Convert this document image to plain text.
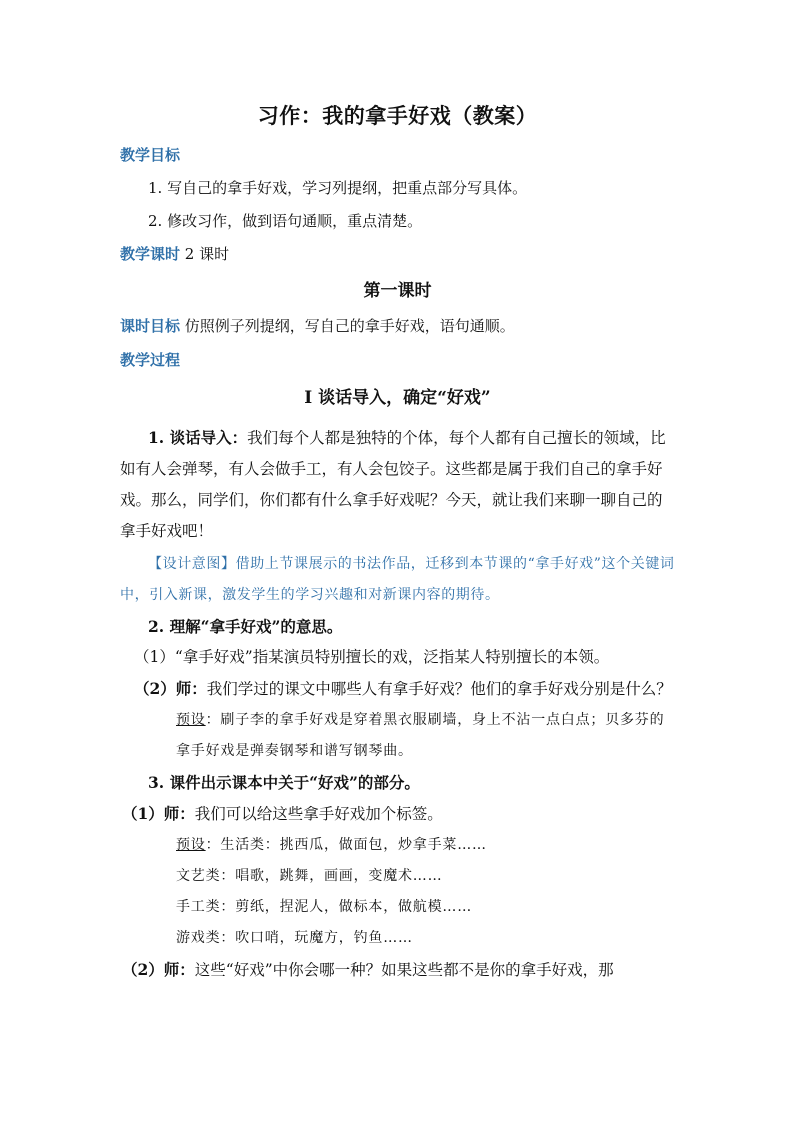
习作：我的拿手好戏（教案）
教学目标
1. 写自己的拿手好戏，学习列提纲，把重点部分写具体。
2. 修改习作，做到语句通顺，重点清楚。
教学课时 2 课时
第一课时
课时目标 仿照例子列提纲，写自己的拿手好戏，语句通顺。
教学过程
Ⅰ 谈话导入，确定“好戏”

1. 谈话导入：我们每个人都是独特的个体，每个人都有自己擅长的领域，比如有人会弹琴，有人会做手工，有人会包饺子。这些都是属于我们自己的拿手好戏。那么，同学们，你们都有什么拿手好戏呢？今天，就让我们来聊一聊自己的拿手好戏吧！

【设计意图】借助上节课展示的书法作品，迁移到本节课的“拿手好戏”这个关键词中，引入新课，激发学生的学习兴趣和对新课内容的期待。

2. 理解“拿手好戏”的意思。

（1）“拿手好戏”指某演员特别擅长的戏，泛指某人特别擅长的本领。

（2）师：我们学过的课文中哪些人有拿手好戏？他们的拿手好戏分别是什么？

预设：刷子李的拿手好戏是穿着黑衣服刷墙，身上不沾一点白点；贝多芬的拿手好戏是弹奏钢琴和谱写钢琴曲。

3. 课件出示课本中关于“好戏”的部分。

（1）师：我们可以给这些拿手好戏加个标签。

预设：生活类：挑西瓜，做面包，炒拿手菜……

文艺类：唱歌，跳舞，画画，变魔术……

手工类：剪纸，捏泥人，做标本，做航模……

游戏类：吹口哨，玩魔方，钓鱼……

（2）师：这些“好戏”中你会哪一种？如果这些都不是你的拿手好戏，那
